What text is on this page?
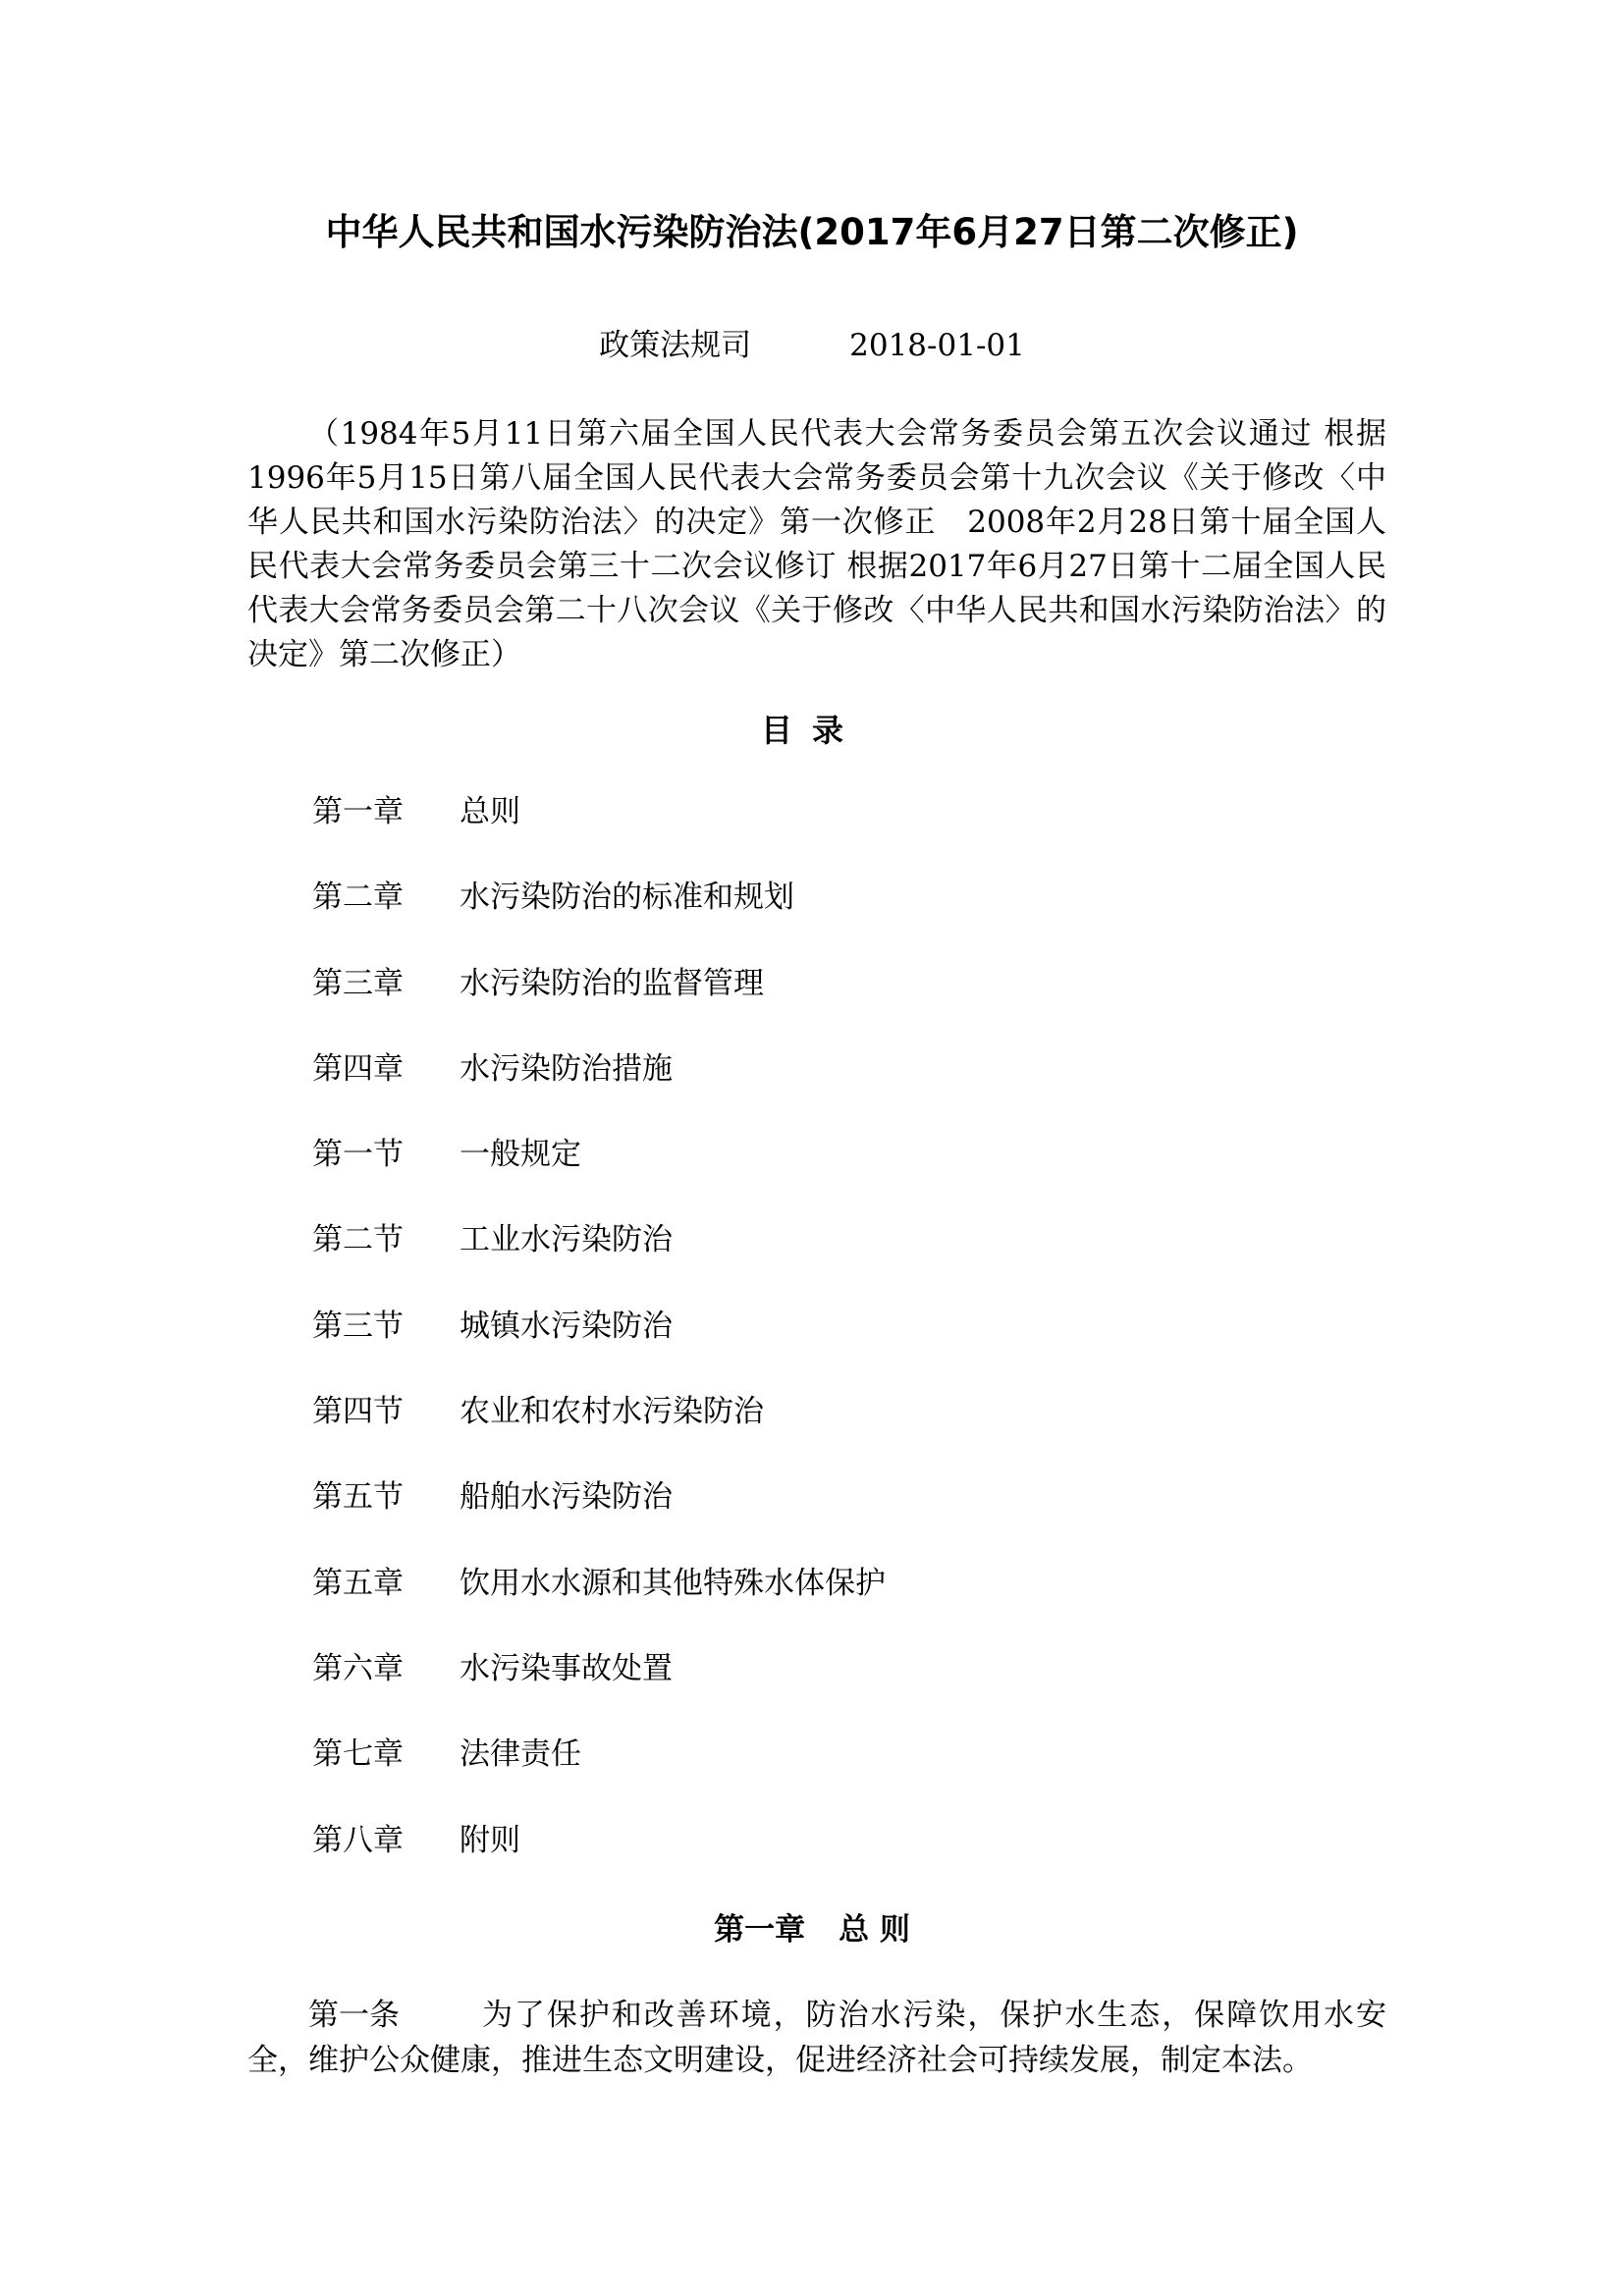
中华人民共和国水污染防治法(2017年6月27日第二次修正)
政策法规司	2018-01-01

（1984年5月11日第六届全国人民代表大会常务委员会第五次会议通过 根据1996年5月15日第八届全国人民代表大会常务委员会第十九次会议《关于修改〈中华人民共和国水污染防治法〉的决定》第一次修正　2008年2月28日第十届全国人民代表大会常务委员会第三十二次会议修订 根据2017年6月27日第十二届全国人民代表大会常务委员会第二十八次会议《关于修改〈中华人民共和国水污染防治法〉的决定》第二次修正）

目录
第一章 总则
第二章 水污染防治的标准和规划
第三章 水污染防治的监督管理
第四章 水污染防治措施
第一节 一般规定
第二节 工业水污染防治
第三节 城镇水污染防治
第四节 农业和农村水污染防治
第五节 船舶水污染防治
第五章 饮用水水源和其他特殊水体保护
第六章 水污染事故处置
第七章 法律责任
第八章 附则
第一章 总 则

第一条	为了保护和改善环境，防治水污染，保护水生态，保障饮用水安全，维护公众健康，推进生态文明建设，促进经济社会可持续发展，制定本法。
